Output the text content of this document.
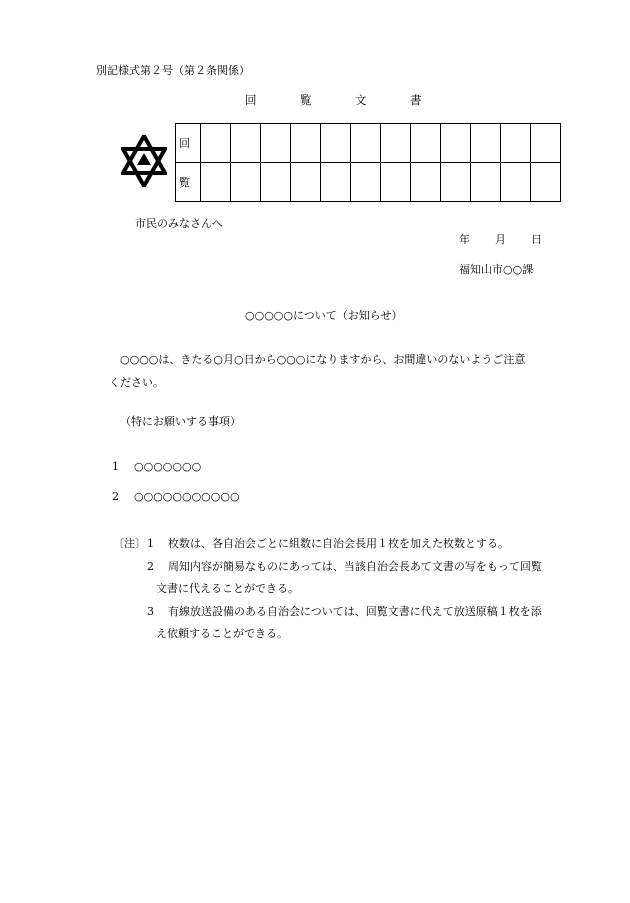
別記様式第２号（第２条関係）
回	覧	文	書
回												
覧												
市民のみなさんへ
年 月 日
福知山市○○課
○○○○○について（お知らせ）
　○○○○は、きたる○月○日から○○○になりますから、お間違いのないようご注意
ください。
（特にお願いする事項）
1 ○○○○○○○
2 ○○○○○○○○○○○
〔注〕 1 枚数は、各自治会ごとに組数に自治会長用１枚を加えた枚数とする。
2 周知内容が簡易なものにあっては、当該自治会長あて文書の写をもって回覧
文書に代えることができる。
3 有線放送設備のある自治会については、回覧文書に代えて放送原稿１枚を添
え依頼することができる。
